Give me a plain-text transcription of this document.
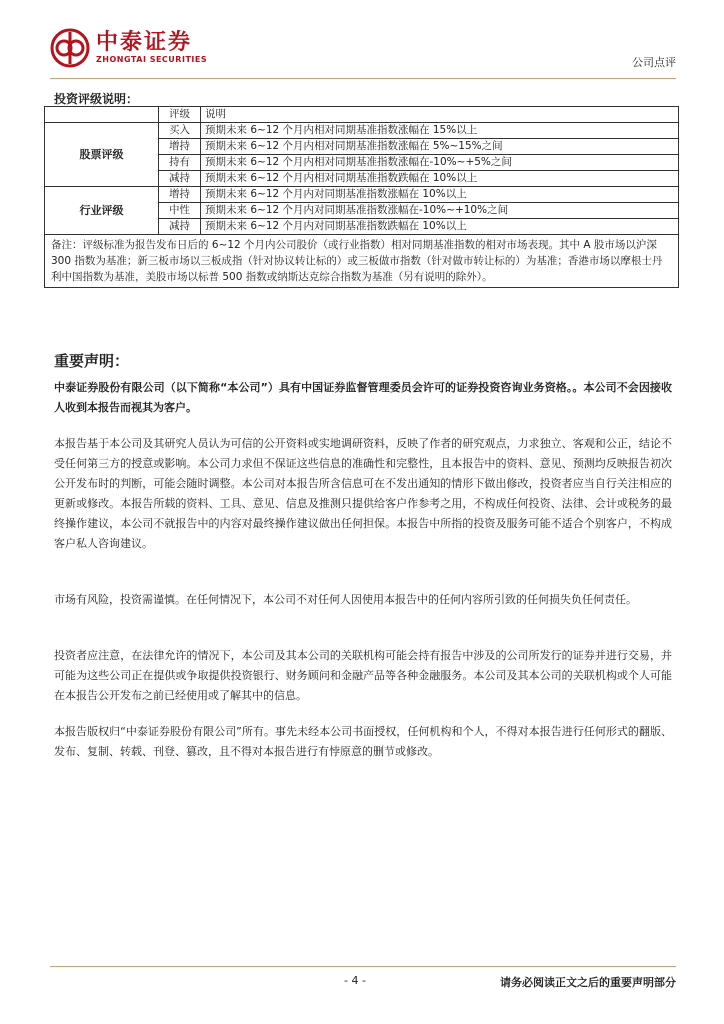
中泰证券
ZHONGTAI SECURITIES	公司点评
投资评级说明：
	评级	说明
股票评级	买入	预期未来 6~12 个月内相对同期基准指数涨幅在 15%以上
	增持	预期未来 6~12 个月内相对同期基准指数涨幅在 5%~15%之间
	持有	预期未来 6~12 个月内相对同期基准指数涨幅在-10%~+5%之间
	减持	预期未来 6~12 个月内相对同期基准指数跌幅在 10%以上
行业评级	增持	预期未来 6~12 个月内对同期基准指数涨幅在 10%以上
	中性	预期未来 6~12 个月内对同期基准指数涨幅在-10%~+10%之间
	减持	预期未来 6~12 个月内对同期基准指数跌幅在 10%以上
备注：评级标准为报告发布日后的 6~12 个月内公司股价（或行业指数）相对同期基准指数的相对市场表现。其中 A 股市场以沪深 300 指数为基准；新三板市场以三板成指（针对协议转让标的）或三板做市指数（针对做市转让标的）为基准；香港市场以摩根士丹利中国指数为基准，美股市场以标普 500 指数或纳斯达克综合指数为基准（另有说明的除外）。		
重要声明：
中泰证券股份有限公司（以下简称“本公司”）具有中国证券监督管理委员会许可的证券投资咨询业务资格。。本公司不会因接收人收到本报告而视其为客户。
本报告基于本公司及其研究人员认为可信的公开资料或实地调研资料，反映了作者的研究观点，力求独立、客观和公正，结论不受任何第三方的授意或影响。本公司力求但不保证这些信息的准确性和完整性，且本报告中的资料、意见、预测均反映报告初次公开发布时的判断，可能会随时调整。本公司对本报告所含信息可在不发出通知的情形下做出修改，投资者应当自行关注相应的更新或修改。本报告所载的资料、工具、意见、信息及推测只提供给客户作参考之用，不构成任何投资、法律、会计或税务的最终操作建议，本公司不就报告中的内容对最终操作建议做出任何担保。本报告中所指的投资及服务可能不适合个别客户，不构成客户私人咨询建议。
市场有风险，投资需谨慎。在任何情况下，本公司不对任何人因使用本报告中的任何内容所引致的任何损失负任何责任。
投资者应注意，在法律允许的情况下，本公司及其本公司的关联机构可能会持有报告中涉及的公司所发行的证券并进行交易，并可能为这些公司正在提供或争取提供投资银行、财务顾问和金融产品等各种金融服务。本公司及其本公司的关联机构或个人可能在本报告公开发布之前已经使用或了解其中的信息。
本报告版权归“中泰证券股份有限公司”所有。事先未经本公司书面授权，任何机构和个人，不得对本报告进行任何形式的翻版、发布、复制、转载、刊登、篡改，且不得对本报告进行有悖原意的删节或修改。
- 4 -	请务必阅读正文之后的重要声明部分
